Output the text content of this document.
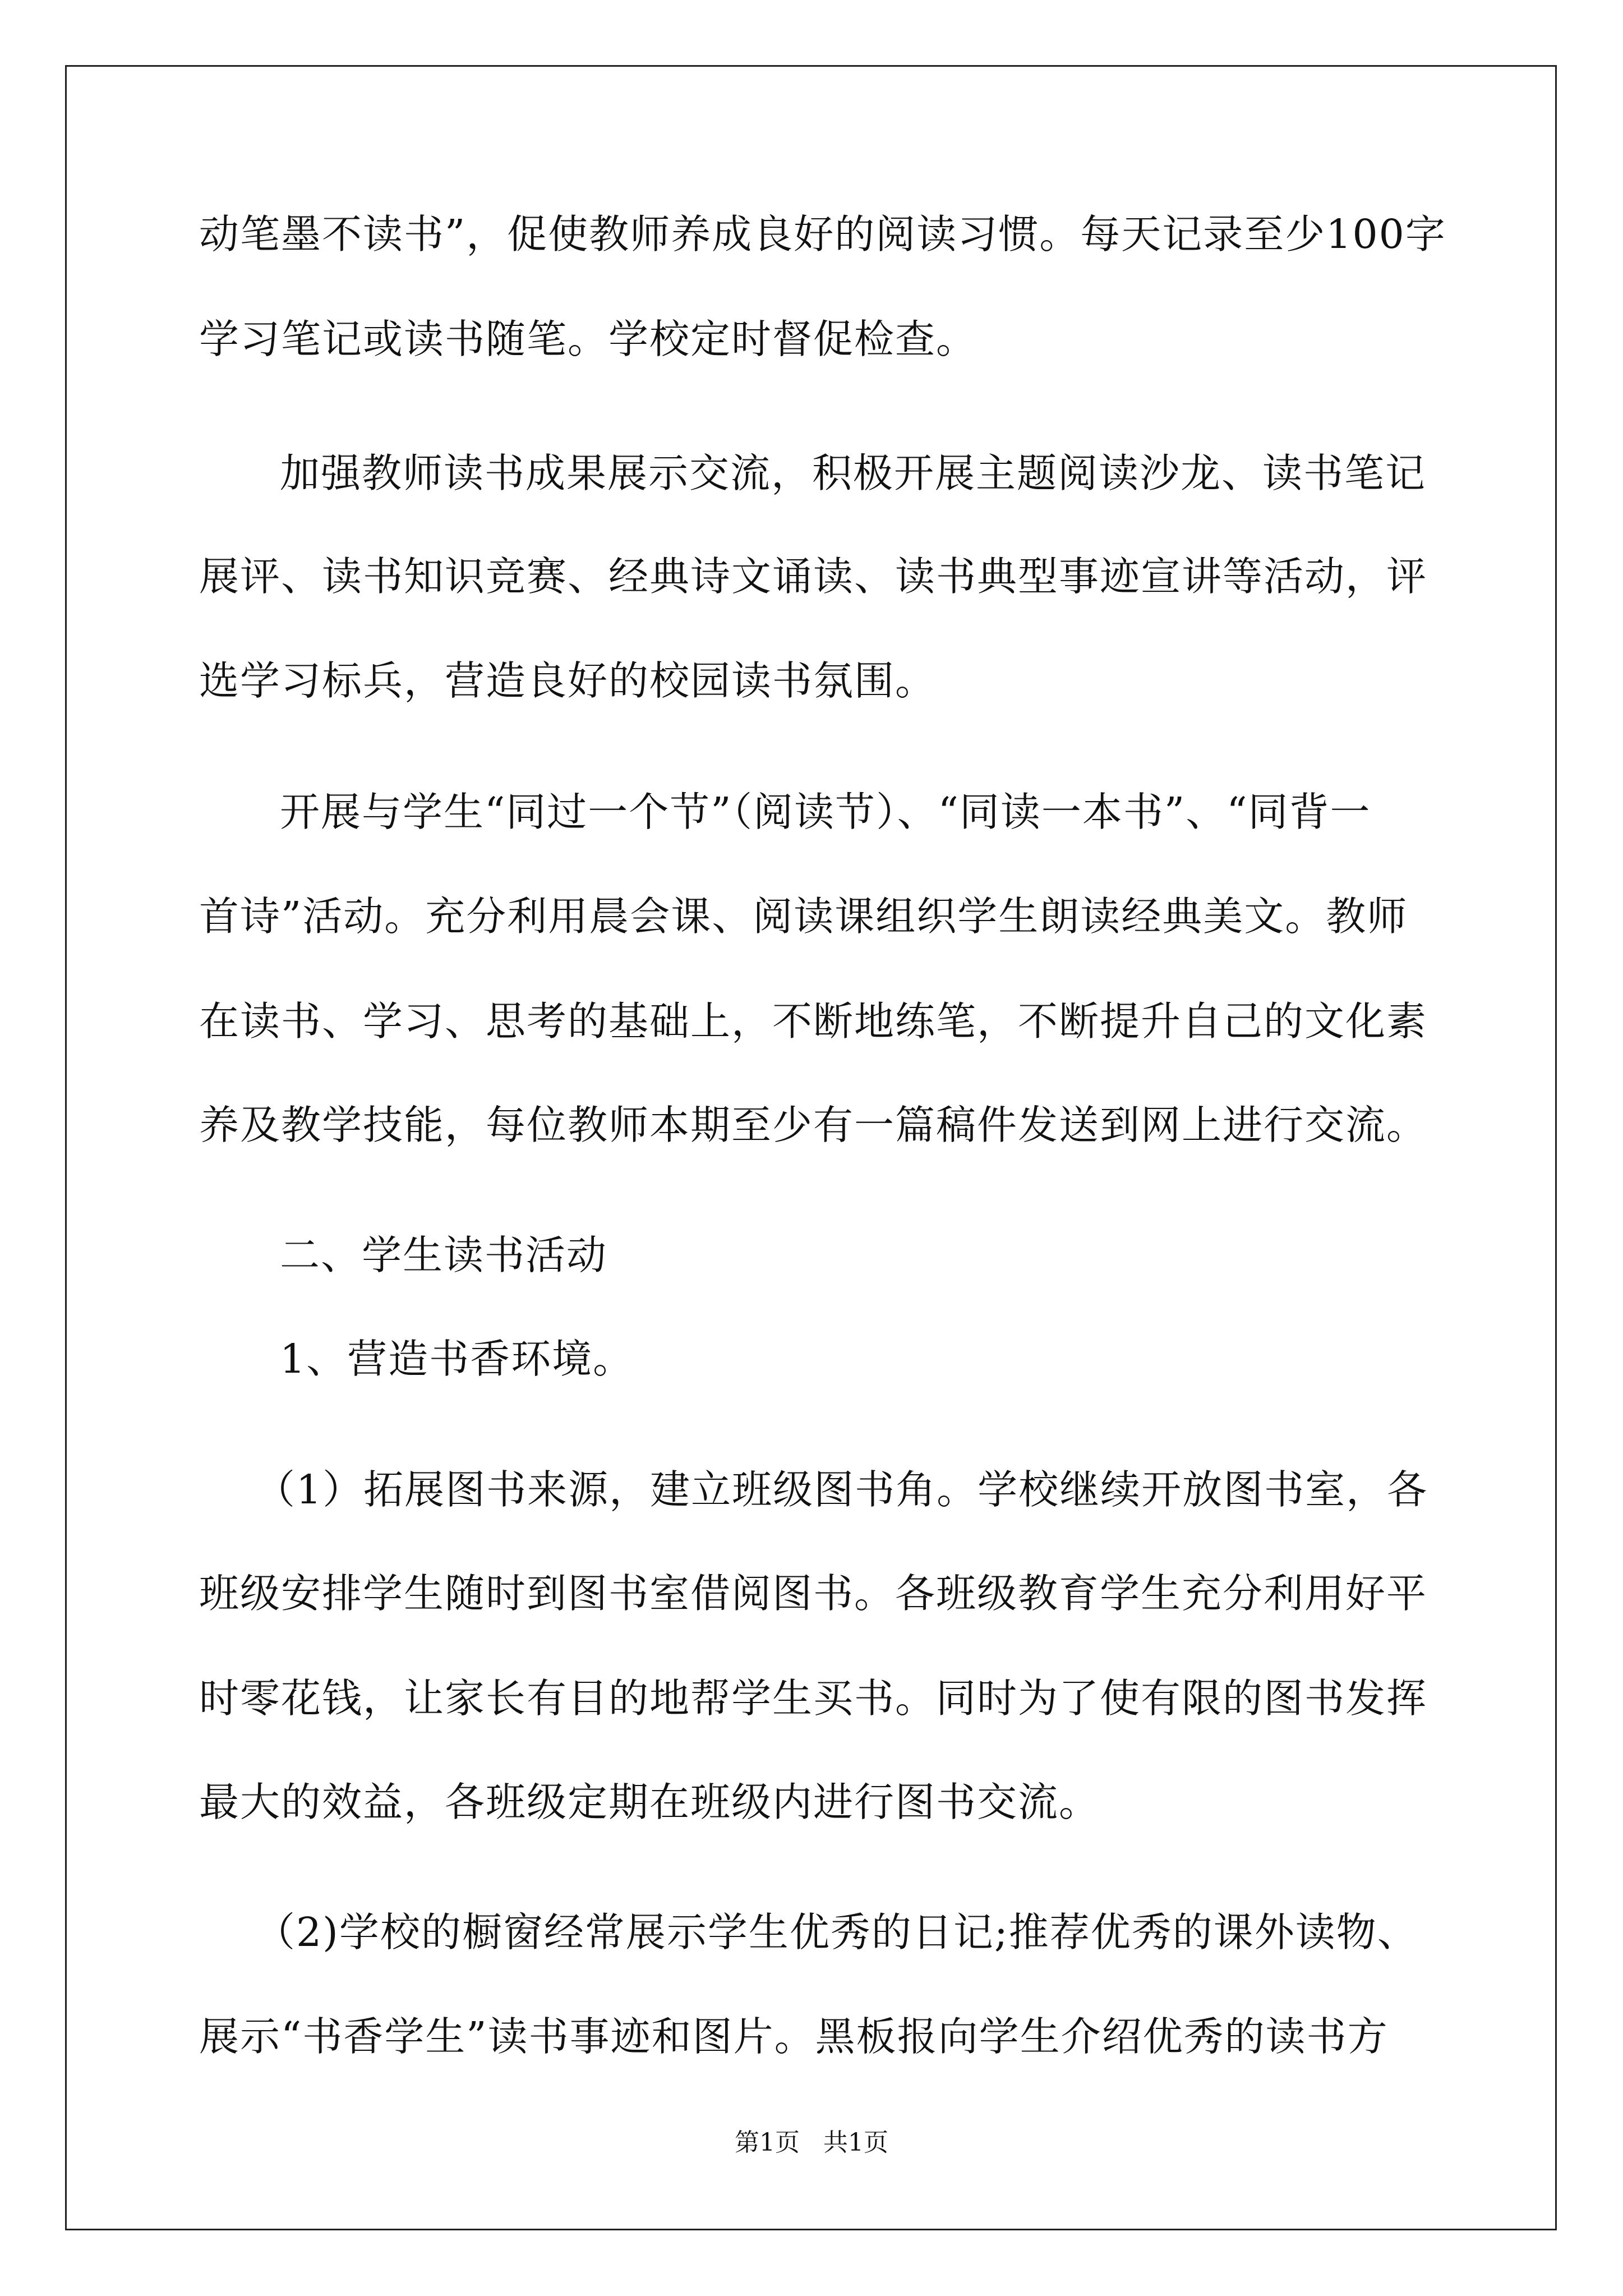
动笔墨不读书”，促使教师养成良好的阅读习惯。每天记录至少100字
学习笔记或读书随笔。学校定时督促检查。
加强教师读书成果展示交流，积极开展主题阅读沙龙、读书笔记
展评、读书知识竞赛、经典诗文诵读、读书典型事迹宣讲等活动，评
选学习标兵，营造良好的校园读书氛围。
开展与学生“同过一个节”（阅读节）、“同读一本书”、“同背一
首诗”活动。充分利用晨会课、阅读课组织学生朗读经典美文。教师
在读书、学习、思考的基础上，不断地练笔，不断提升自己的文化素
养及教学技能，每位教师本期至少有一篇稿件发送到网上进行交流。
二、学生读书活动
1、营造书香环境。
（1）拓展图书来源，建立班级图书角。学校继续开放图书室，各
班级安排学生随时到图书室借阅图书。各班级教育学生充分利用好平
时零花钱，让家长有目的地帮学生买书。同时为了使有限的图书发挥
最大的效益，各班级定期在班级内进行图书交流。
（2)学校的橱窗经常展示学生优秀的日记;推荐优秀的课外读物、
展示“书香学生”读书事迹和图片。黑板报向学生介绍优秀的读书方
第1页   共1页
